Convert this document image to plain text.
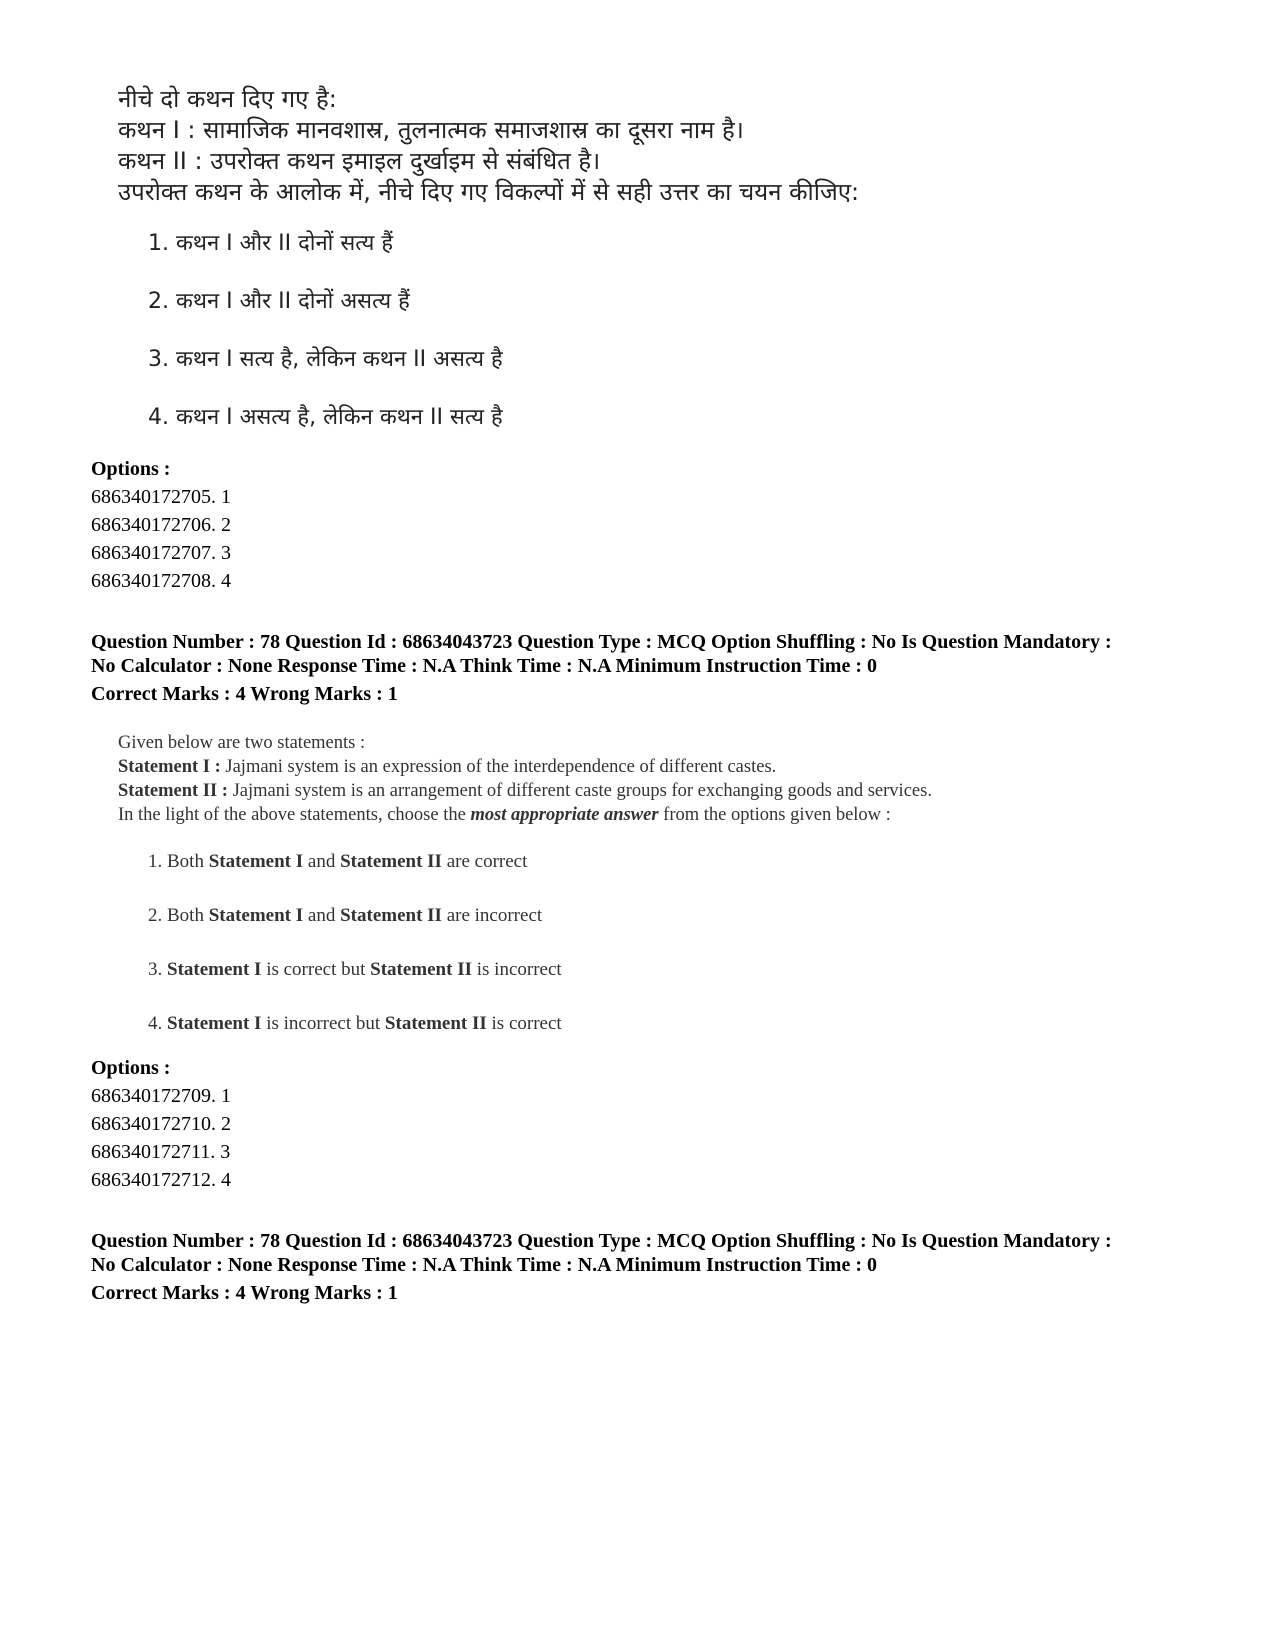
नीचे दो कथन दिए गए है:
कथन I : सामाजिक मानवशास्र, तुलनात्मक समाजशास्र का दूसरा नाम है।
कथन II : उपरोक्त कथन इमाइल दुर्खाइम से संबंधित है।
उपरोक्त कथन के आलोक में, नीचे दिए गए विकल्पों में से सही उत्तर का चयन कीजिए:
1. कथन I और II दोनों सत्य हैं
2. कथन I और II दोनों असत्य हैं
3. कथन I सत्य है, लेकिन कथन II असत्य है
4. कथन I असत्य है, लेकिन कथन II सत्य है
Options :
686340172705. 1
686340172706. 2
686340172707. 3
686340172708. 4
Question Number : 78 Question Id : 68634043723 Question Type : MCQ Option Shuffling : No Is Question Mandatory :
No Calculator : None Response Time : N.A Think Time : N.A Minimum Instruction Time : 0
Correct Marks : 4 Wrong Marks : 1
Given below are two statements :
Statement I : Jajmani system is an expression of the interdependence of different castes.
Statement II : Jajmani system is an arrangement of different caste groups for exchanging goods and services.
In the light of the above statements, choose the most appropriate answer from the options given below :
1. Both Statement I and Statement II are correct
2. Both Statement I and Statement II are incorrect
3. Statement I is correct but Statement II is incorrect
4. Statement I is incorrect but Statement II is correct
Options :
686340172709. 1
686340172710. 2
686340172711. 3
686340172712. 4
Question Number : 78 Question Id : 68634043723 Question Type : MCQ Option Shuffling : No Is Question Mandatory :
No Calculator : None Response Time : N.A Think Time : N.A Minimum Instruction Time : 0
Correct Marks : 4 Wrong Marks : 1
